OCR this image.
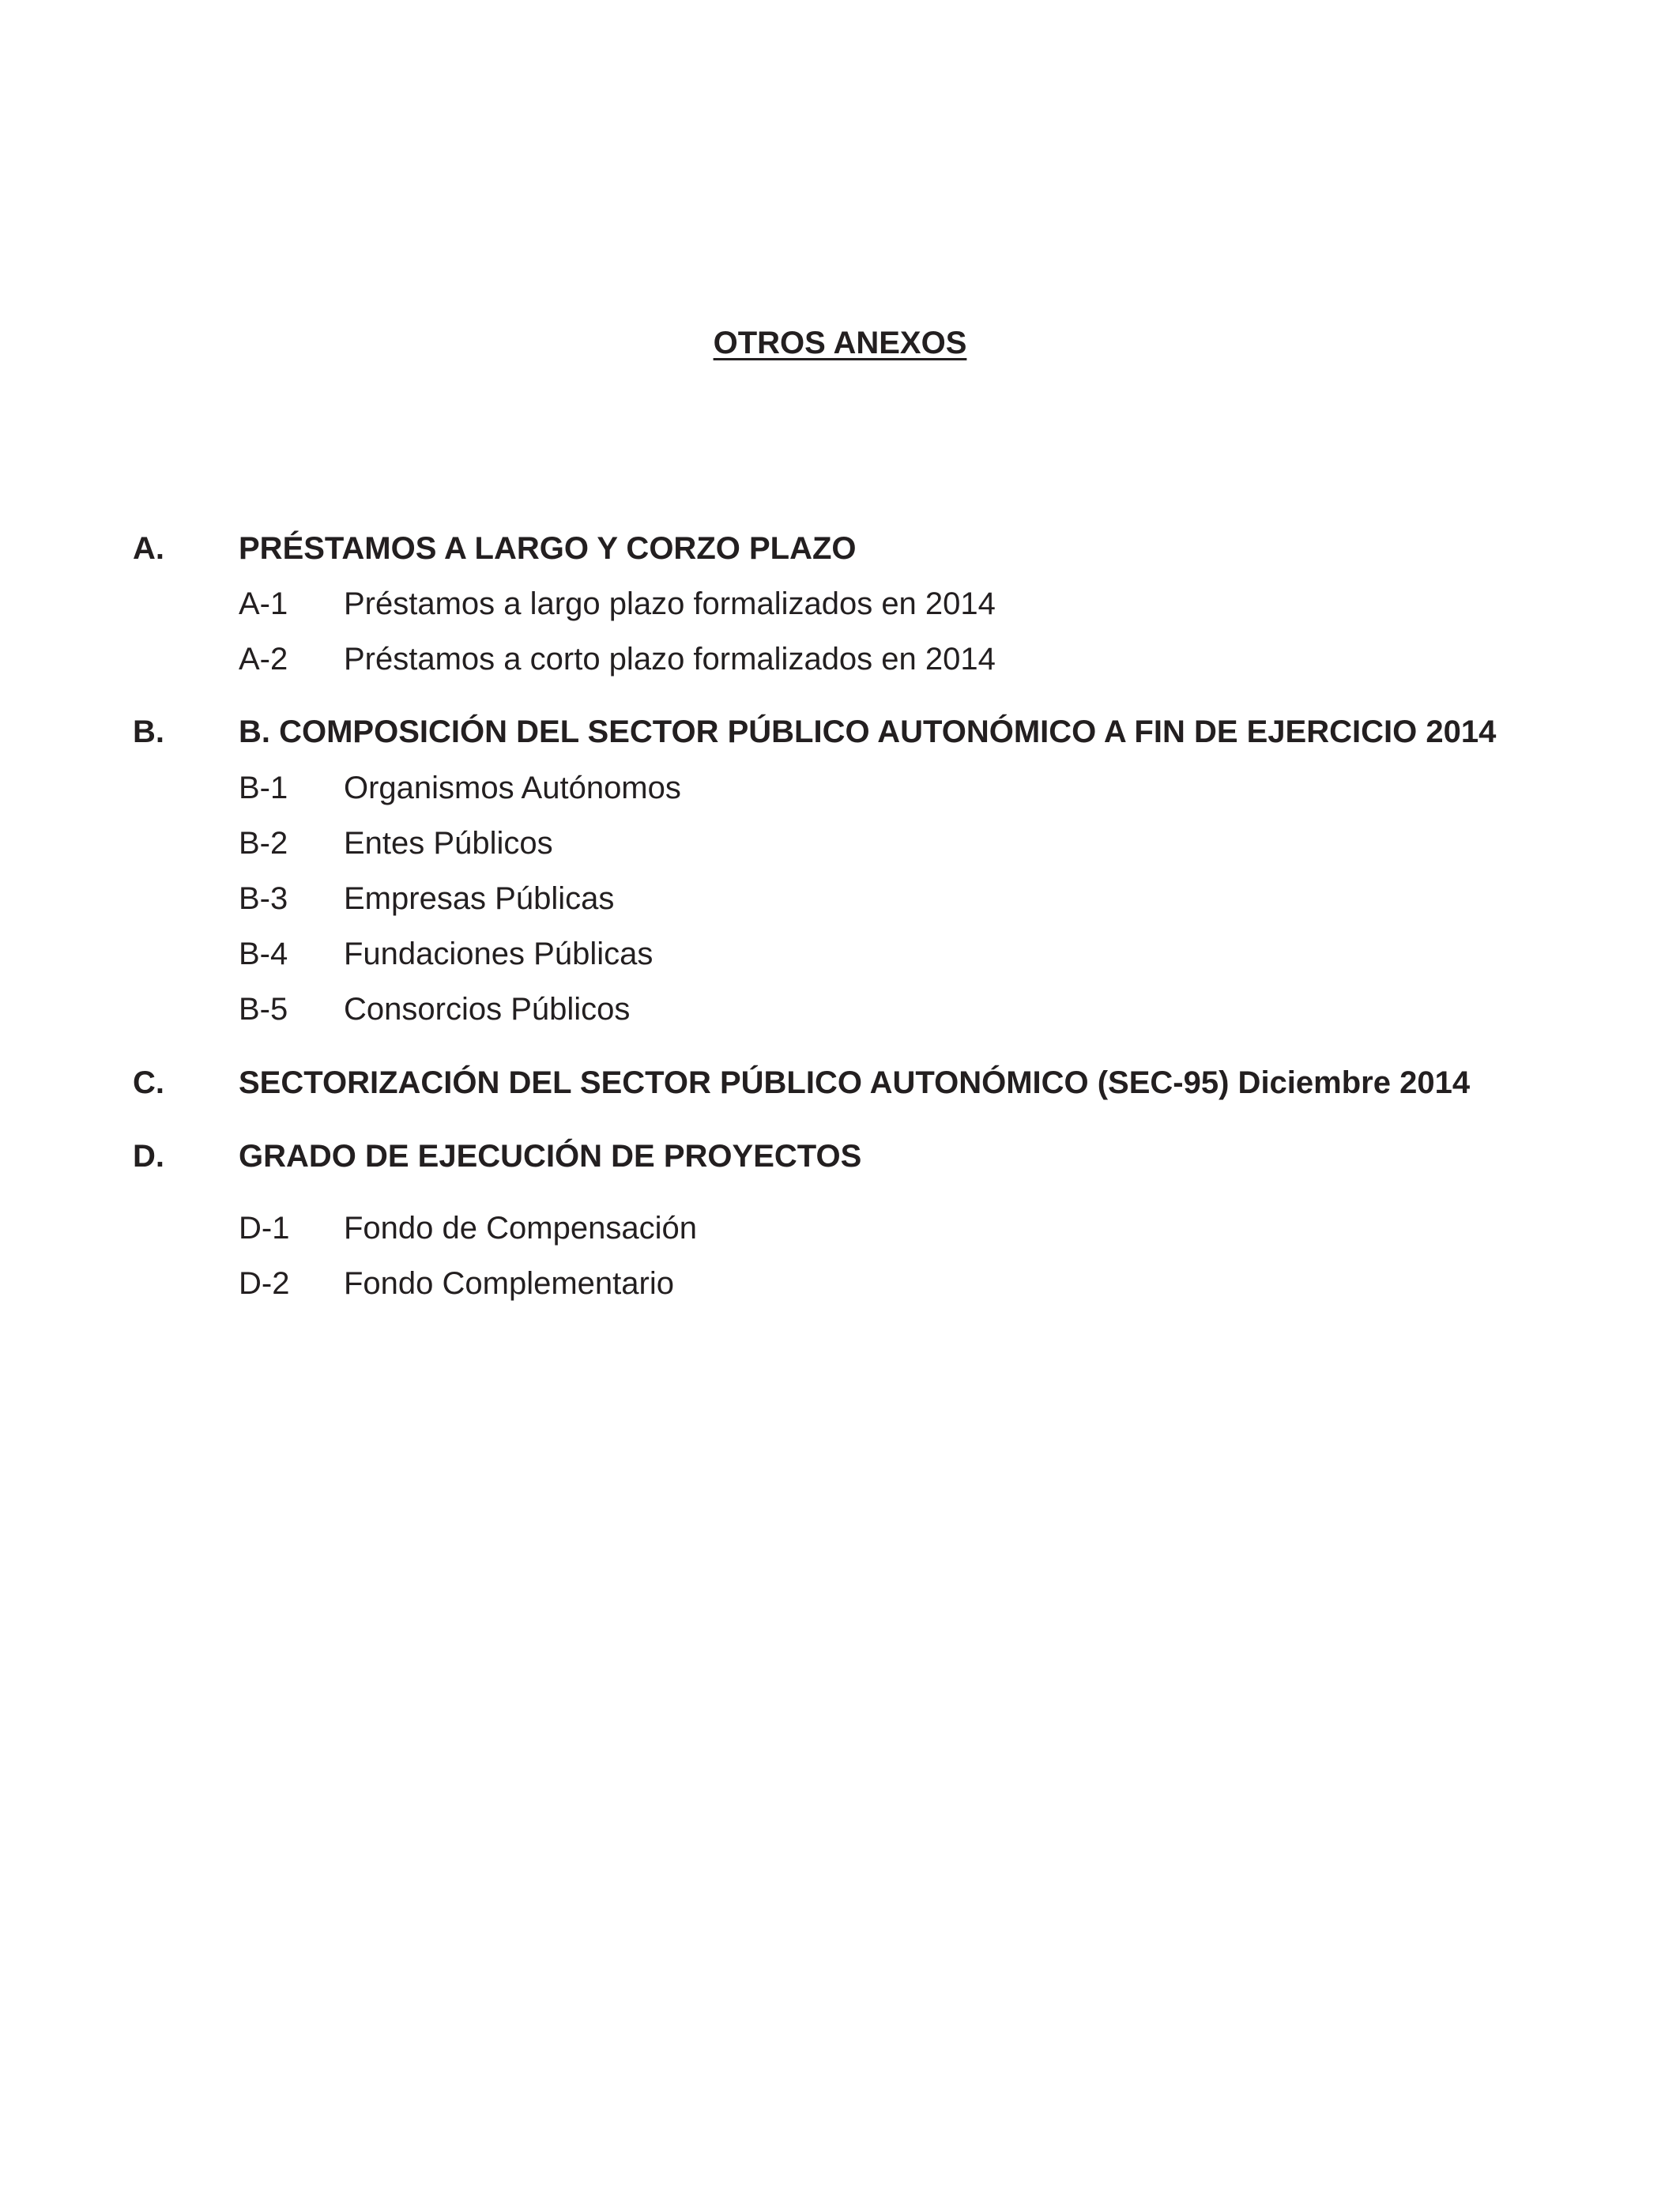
OTROS ANEXOS
A. PRÉSTAMOS A LARGO Y CORZO PLAZO
A-1 Préstamos a largo plazo formalizados en 2014
A-2 Préstamos a corto plazo formalizados en 2014
B. B. COMPOSICIÓN DEL SECTOR PÚBLICO AUTONÓMICO A FIN DE EJERCICIO 2014
B-1 Organismos Autónomos
B-2 Entes Públicos
B-3 Empresas Públicas
B-4 Fundaciones Públicas
B-5 Consorcios Públicos
C. SECTORIZACIÓN DEL SECTOR PÚBLICO AUTONÓMICO (SEC-95) Diciembre 2014
D. GRADO DE EJECUCIÓN DE PROYECTOS
D-1 Fondo de Compensación
D-2 Fondo Complementario
